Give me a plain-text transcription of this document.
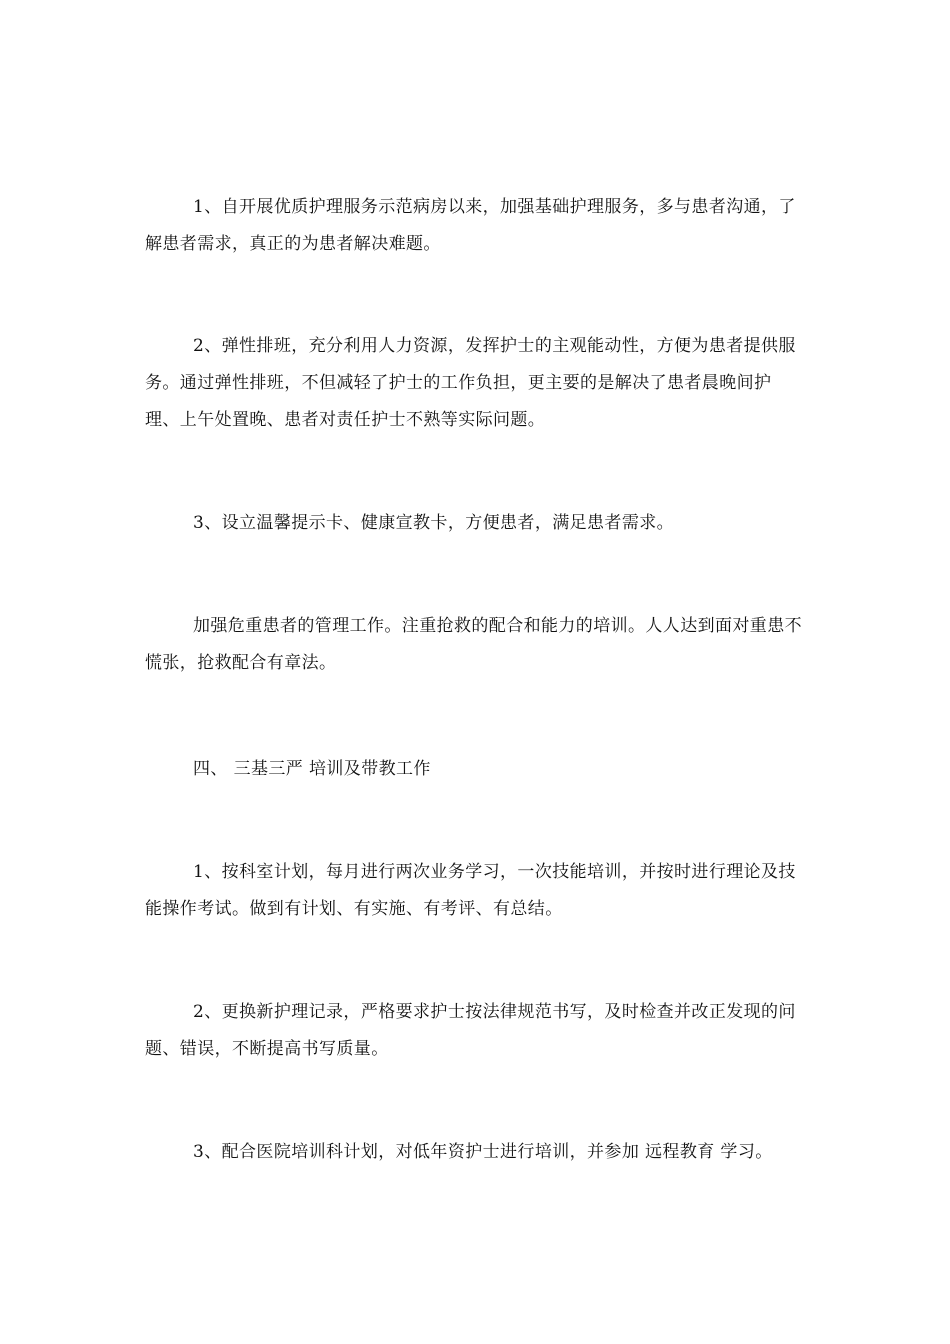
1、自开展优质护理服务示范病房以来，加强基础护理服务，多与患者沟通，了解患者需求，真正的为患者解决难题。

2、弹性排班，充分利用人力资源，发挥护士的主观能动性，方便为患者提供服务。通过弹性排班，不但减轻了护士的工作负担，更主要的是解决了患者晨晚间护理、上午处置晚、患者对责任护士不熟等实际问题。

3、设立温馨提示卡、健康宣教卡，方便患者，满足患者需求。

加强危重患者的管理工作。注重抢救的配合和能力的培训。人人达到面对重患不慌张，抢救配合有章法。

四、 三基三严 培训及带教工作

1、按科室计划，每月进行两次业务学习，一次技能培训，并按时进行理论及技能操作考试。做到有计划、有实施、有考评、有总结。

2、更换新护理记录，严格要求护士按法律规范书写，及时检查并改正发现的问题、错误，不断提高书写质量。

3、配合医院培训科计划，对低年资护士进行培训，并参加 远程教育 学习。
